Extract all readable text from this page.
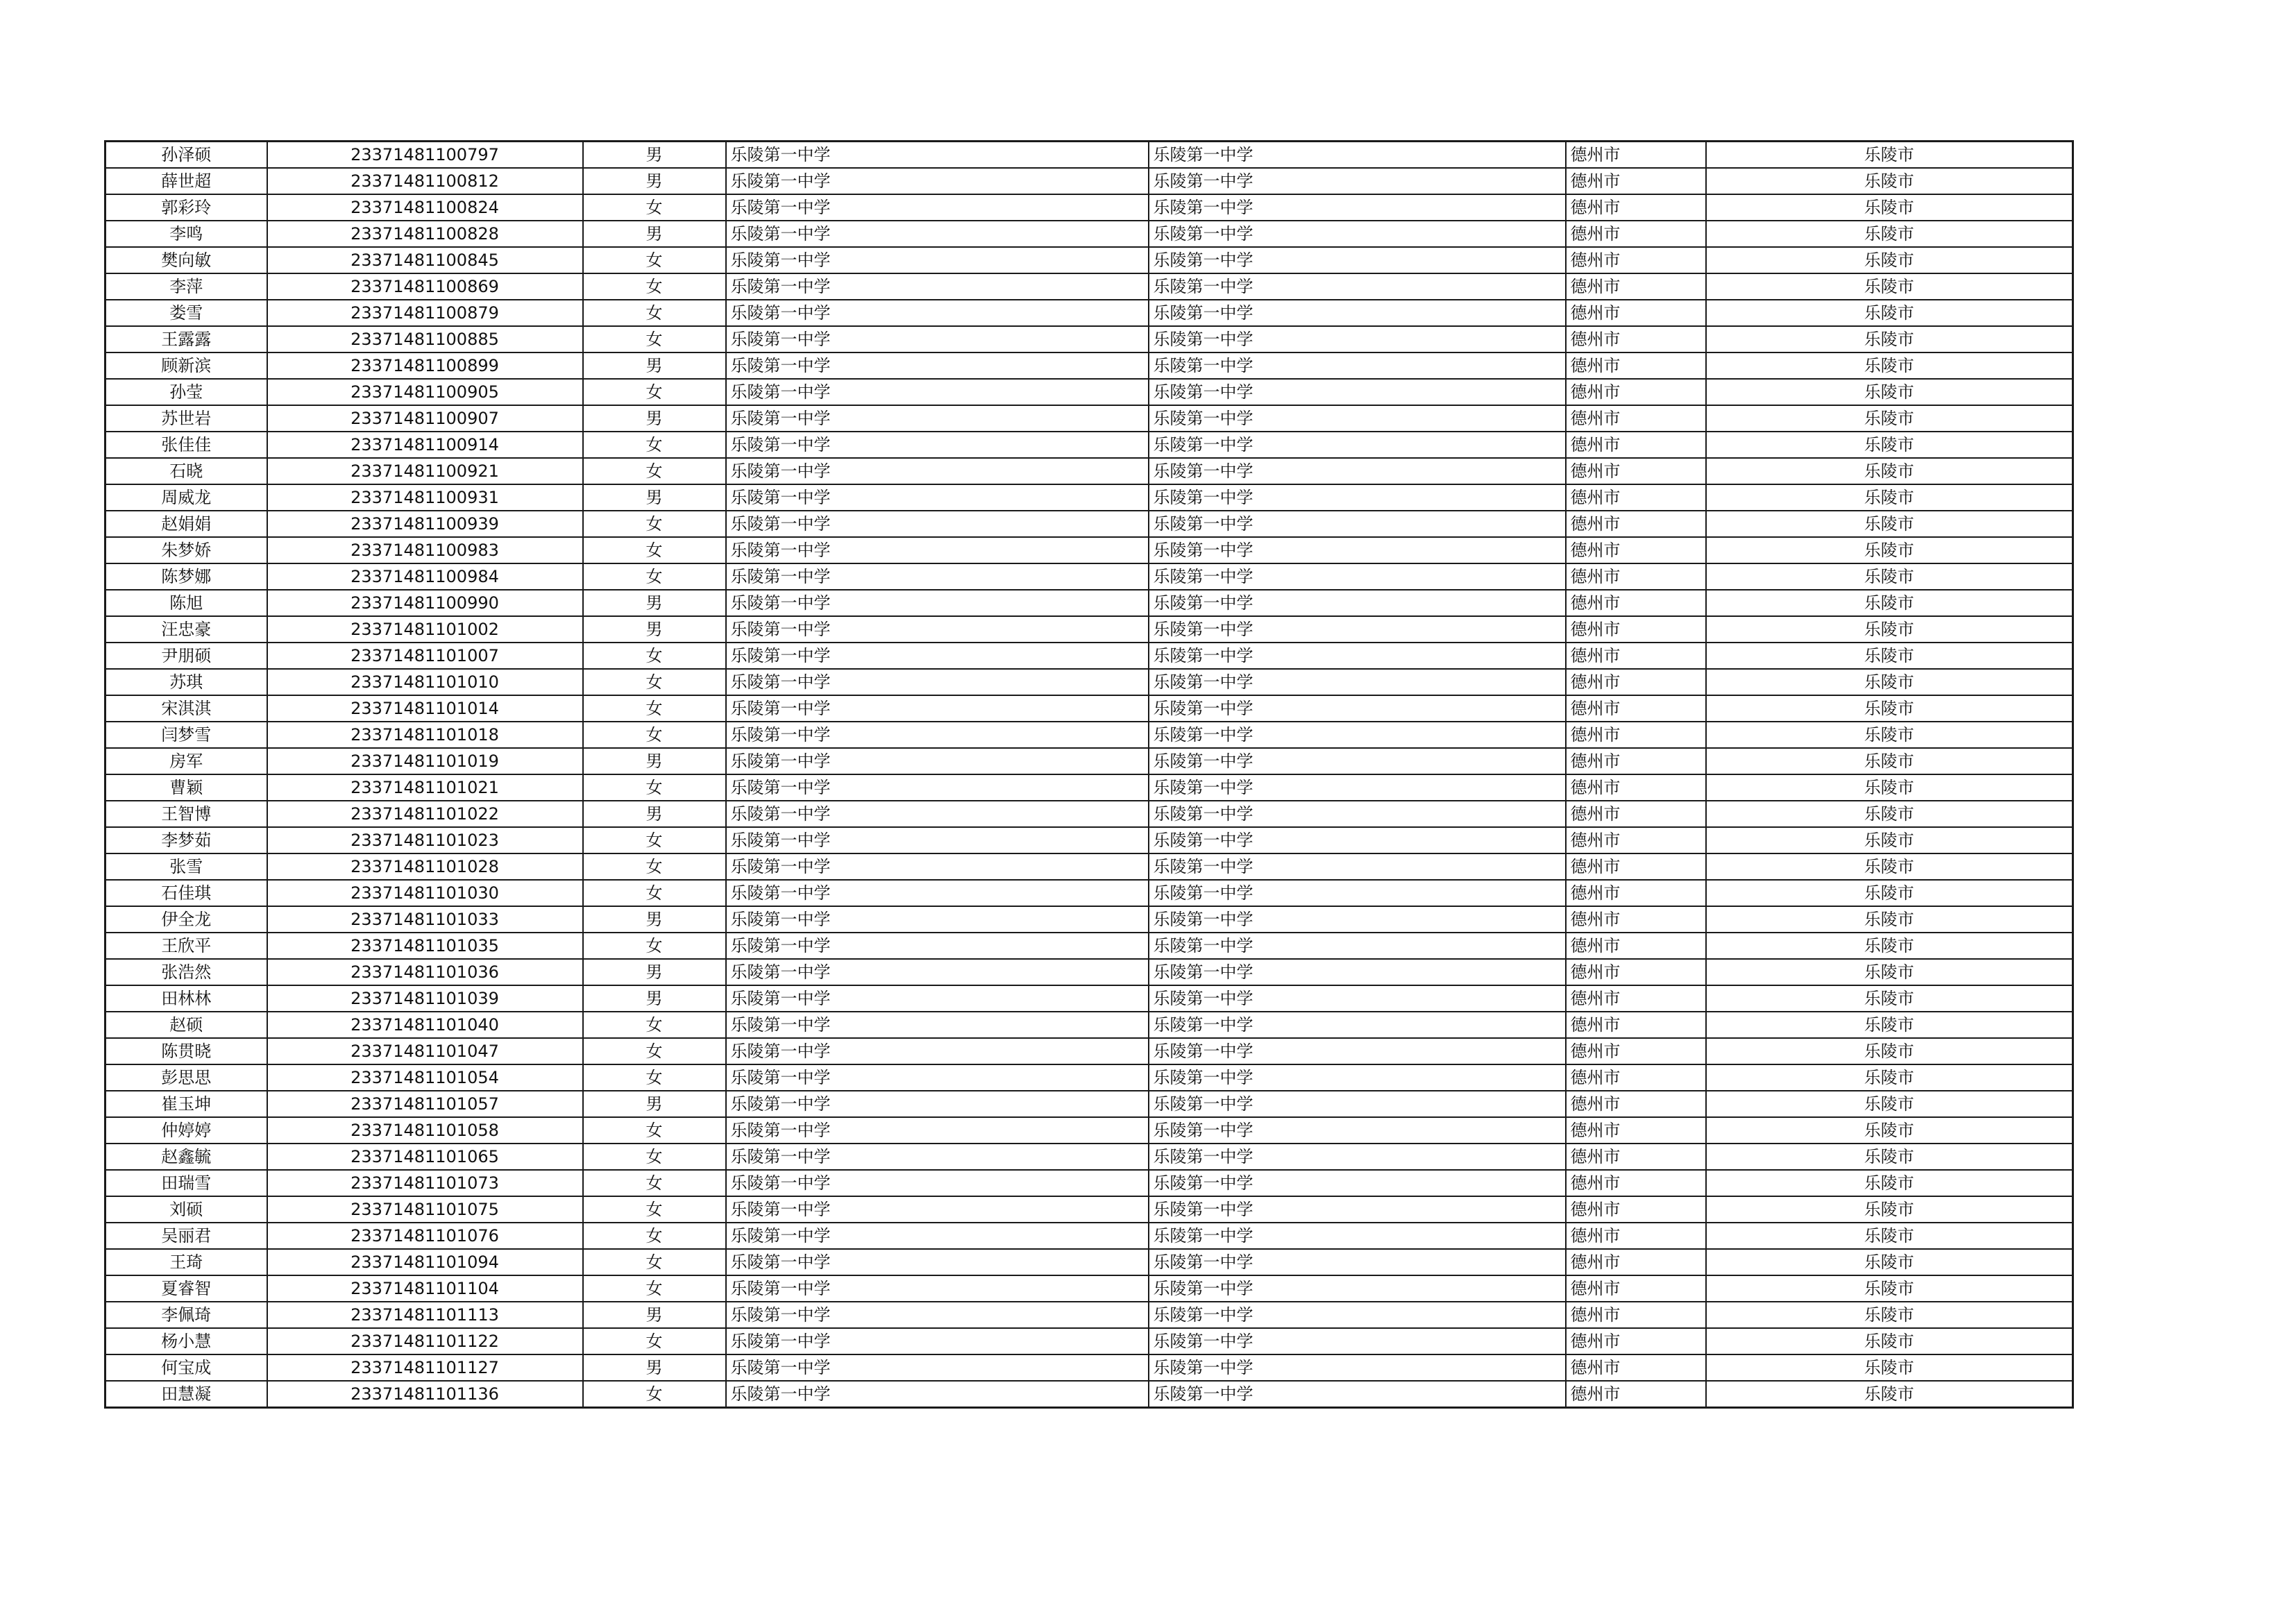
孙泽硕	23371481100797	男	乐陵第一中学	乐陵第一中学	德州市	乐陵市
薛世超	23371481100812	男	乐陵第一中学	乐陵第一中学	德州市	乐陵市
郭彩玲	23371481100824	女	乐陵第一中学	乐陵第一中学	德州市	乐陵市
李鸣	23371481100828	男	乐陵第一中学	乐陵第一中学	德州市	乐陵市
樊向敏	23371481100845	女	乐陵第一中学	乐陵第一中学	德州市	乐陵市
李萍	23371481100869	女	乐陵第一中学	乐陵第一中学	德州市	乐陵市
娄雪	23371481100879	女	乐陵第一中学	乐陵第一中学	德州市	乐陵市
王露露	23371481100885	女	乐陵第一中学	乐陵第一中学	德州市	乐陵市
顾新滨	23371481100899	男	乐陵第一中学	乐陵第一中学	德州市	乐陵市
孙莹	23371481100905	女	乐陵第一中学	乐陵第一中学	德州市	乐陵市
苏世岩	23371481100907	男	乐陵第一中学	乐陵第一中学	德州市	乐陵市
张佳佳	23371481100914	女	乐陵第一中学	乐陵第一中学	德州市	乐陵市
石晓	23371481100921	女	乐陵第一中学	乐陵第一中学	德州市	乐陵市
周威龙	23371481100931	男	乐陵第一中学	乐陵第一中学	德州市	乐陵市
赵娟娟	23371481100939	女	乐陵第一中学	乐陵第一中学	德州市	乐陵市
朱梦娇	23371481100983	女	乐陵第一中学	乐陵第一中学	德州市	乐陵市
陈梦娜	23371481100984	女	乐陵第一中学	乐陵第一中学	德州市	乐陵市
陈旭	23371481100990	男	乐陵第一中学	乐陵第一中学	德州市	乐陵市
汪忠豪	23371481101002	男	乐陵第一中学	乐陵第一中学	德州市	乐陵市
尹朋硕	23371481101007	女	乐陵第一中学	乐陵第一中学	德州市	乐陵市
苏琪	23371481101010	女	乐陵第一中学	乐陵第一中学	德州市	乐陵市
宋淇淇	23371481101014	女	乐陵第一中学	乐陵第一中学	德州市	乐陵市
闫梦雪	23371481101018	女	乐陵第一中学	乐陵第一中学	德州市	乐陵市
房军	23371481101019	男	乐陵第一中学	乐陵第一中学	德州市	乐陵市
曹颖	23371481101021	女	乐陵第一中学	乐陵第一中学	德州市	乐陵市
王智博	23371481101022	男	乐陵第一中学	乐陵第一中学	德州市	乐陵市
李梦茹	23371481101023	女	乐陵第一中学	乐陵第一中学	德州市	乐陵市
张雪	23371481101028	女	乐陵第一中学	乐陵第一中学	德州市	乐陵市
石佳琪	23371481101030	女	乐陵第一中学	乐陵第一中学	德州市	乐陵市
伊全龙	23371481101033	男	乐陵第一中学	乐陵第一中学	德州市	乐陵市
王欣平	23371481101035	女	乐陵第一中学	乐陵第一中学	德州市	乐陵市
张浩然	23371481101036	男	乐陵第一中学	乐陵第一中学	德州市	乐陵市
田林林	23371481101039	男	乐陵第一中学	乐陵第一中学	德州市	乐陵市
赵硕	23371481101040	女	乐陵第一中学	乐陵第一中学	德州市	乐陵市
陈贯晓	23371481101047	女	乐陵第一中学	乐陵第一中学	德州市	乐陵市
彭思思	23371481101054	女	乐陵第一中学	乐陵第一中学	德州市	乐陵市
崔玉坤	23371481101057	男	乐陵第一中学	乐陵第一中学	德州市	乐陵市
仲婷婷	23371481101058	女	乐陵第一中学	乐陵第一中学	德州市	乐陵市
赵鑫毓	23371481101065	女	乐陵第一中学	乐陵第一中学	德州市	乐陵市
田瑞雪	23371481101073	女	乐陵第一中学	乐陵第一中学	德州市	乐陵市
刘硕	23371481101075	女	乐陵第一中学	乐陵第一中学	德州市	乐陵市
吴丽君	23371481101076	女	乐陵第一中学	乐陵第一中学	德州市	乐陵市
王琦	23371481101094	女	乐陵第一中学	乐陵第一中学	德州市	乐陵市
夏睿智	23371481101104	女	乐陵第一中学	乐陵第一中学	德州市	乐陵市
李佩琦	23371481101113	男	乐陵第一中学	乐陵第一中学	德州市	乐陵市
杨小慧	23371481101122	女	乐陵第一中学	乐陵第一中学	德州市	乐陵市
何宝成	23371481101127	男	乐陵第一中学	乐陵第一中学	德州市	乐陵市
田慧凝	23371481101136	女	乐陵第一中学	乐陵第一中学	德州市	乐陵市
